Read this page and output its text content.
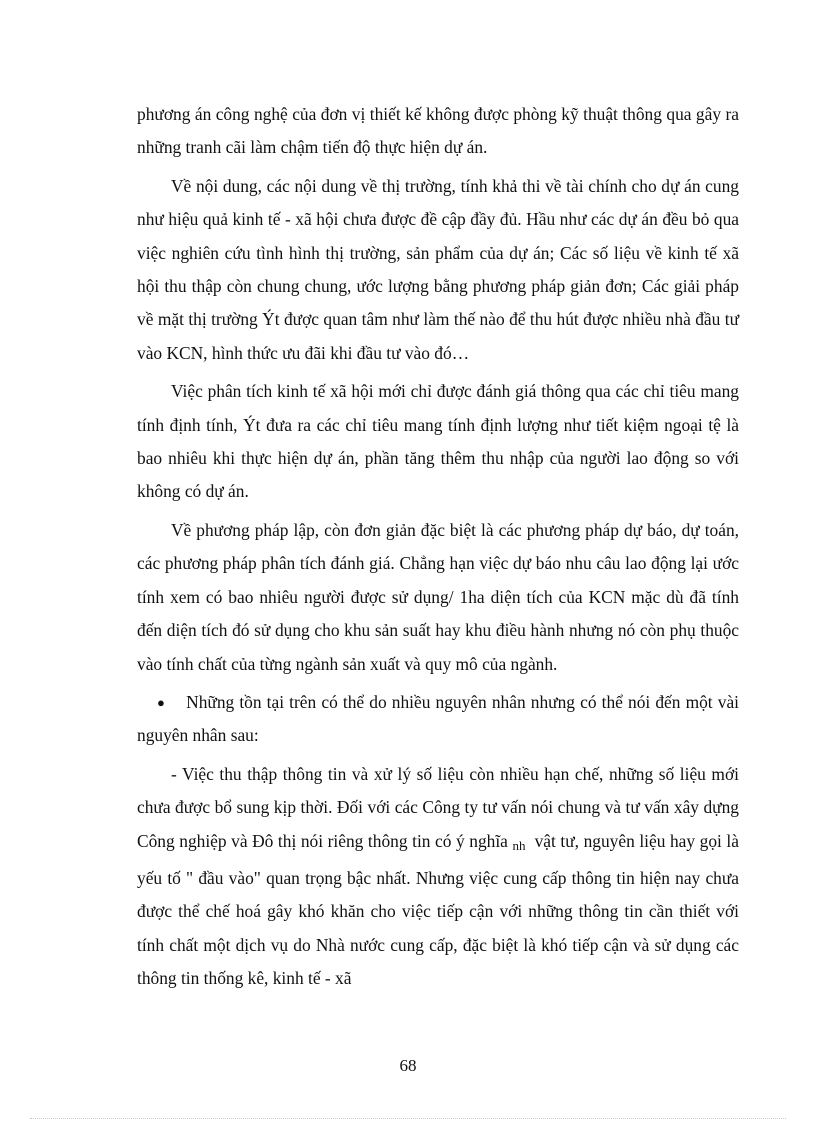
phương án công nghệ của đơn vị thiết kế không được phòng kỹ thuật thông qua gây ra những tranh cãi làm chậm tiến độ thực hiện dự án.

Về nội dung, các nội dung về thị trường, tính khả thi về tài chính cho dự án cung như hiệu quả kinh tế - xã hội chưa được đề cập đầy đủ. Hầu như các dự án đều bỏ qua việc nghiên cứu tình hình thị trường, sản phẩm của dự án; Các số liệu về kinh tế xã hội thu thập còn chung chung, ước lượng bằng phương pháp giản đơn; Các giải pháp về mặt thị trường Ýt được quan tâm như làm thế nào để thu hút được nhiều nhà đầu tư vào KCN, hình thức ưu đãi khi đầu tư vào đó…

Việc phân tích kinh tế xã hội mới chỉ được đánh giá thông qua các chỉ tiêu mang tính định tính, Ýt đưa ra các chỉ tiêu mang tính định lượng như tiết kiệm ngoại tệ là bao nhiêu khi thực hiện dự án, phần tăng thêm thu nhập của người lao động so với không có dự án.

Về phương pháp lập, còn đơn giản đặc biệt là các phương pháp dự báo, dự toán, các phương pháp phân tích đánh giá. Chẳng hạn việc dự báo nhu câu lao động lại ước tính xem có bao nhiêu người được sử dụng/ 1ha diện tích của KCN mặc dù đã tính đến diện tích đó sử dụng cho khu sản suất hay khu điều hành nhưng nó còn phụ thuộc vào tính chất của từng ngành sản xuất và quy mô của ngành.

● Những tồn tại trên có thể do nhiều nguyên nhân nhưng có thể nói đến một vài nguyên nhân sau:

- Việc thu thập thông tin và xử lý số liệu còn nhiều hạn chế, những số liệu mới chưa được bổ sung kịp thời. Đối với các Công ty tư vấn nói chung và tư vấn xây dựng Công nghiệp và Đô thị nói riêng thông tin có ý nghĩa nh vật tư, nguyên liệu hay gọi là yếu tố " đầu vào" quan trọng bậc nhất. Nhưng việc cung cấp thông tin hiện nay chưa được thể chế hoá gây khó khăn cho việc tiếp cận với những thông tin cần thiết với tính chất một dịch vụ do Nhà nước cung cấp, đặc biệt là khó tiếp cận và sử dụng các thông tin thống kê, kinh tế - xã

68
